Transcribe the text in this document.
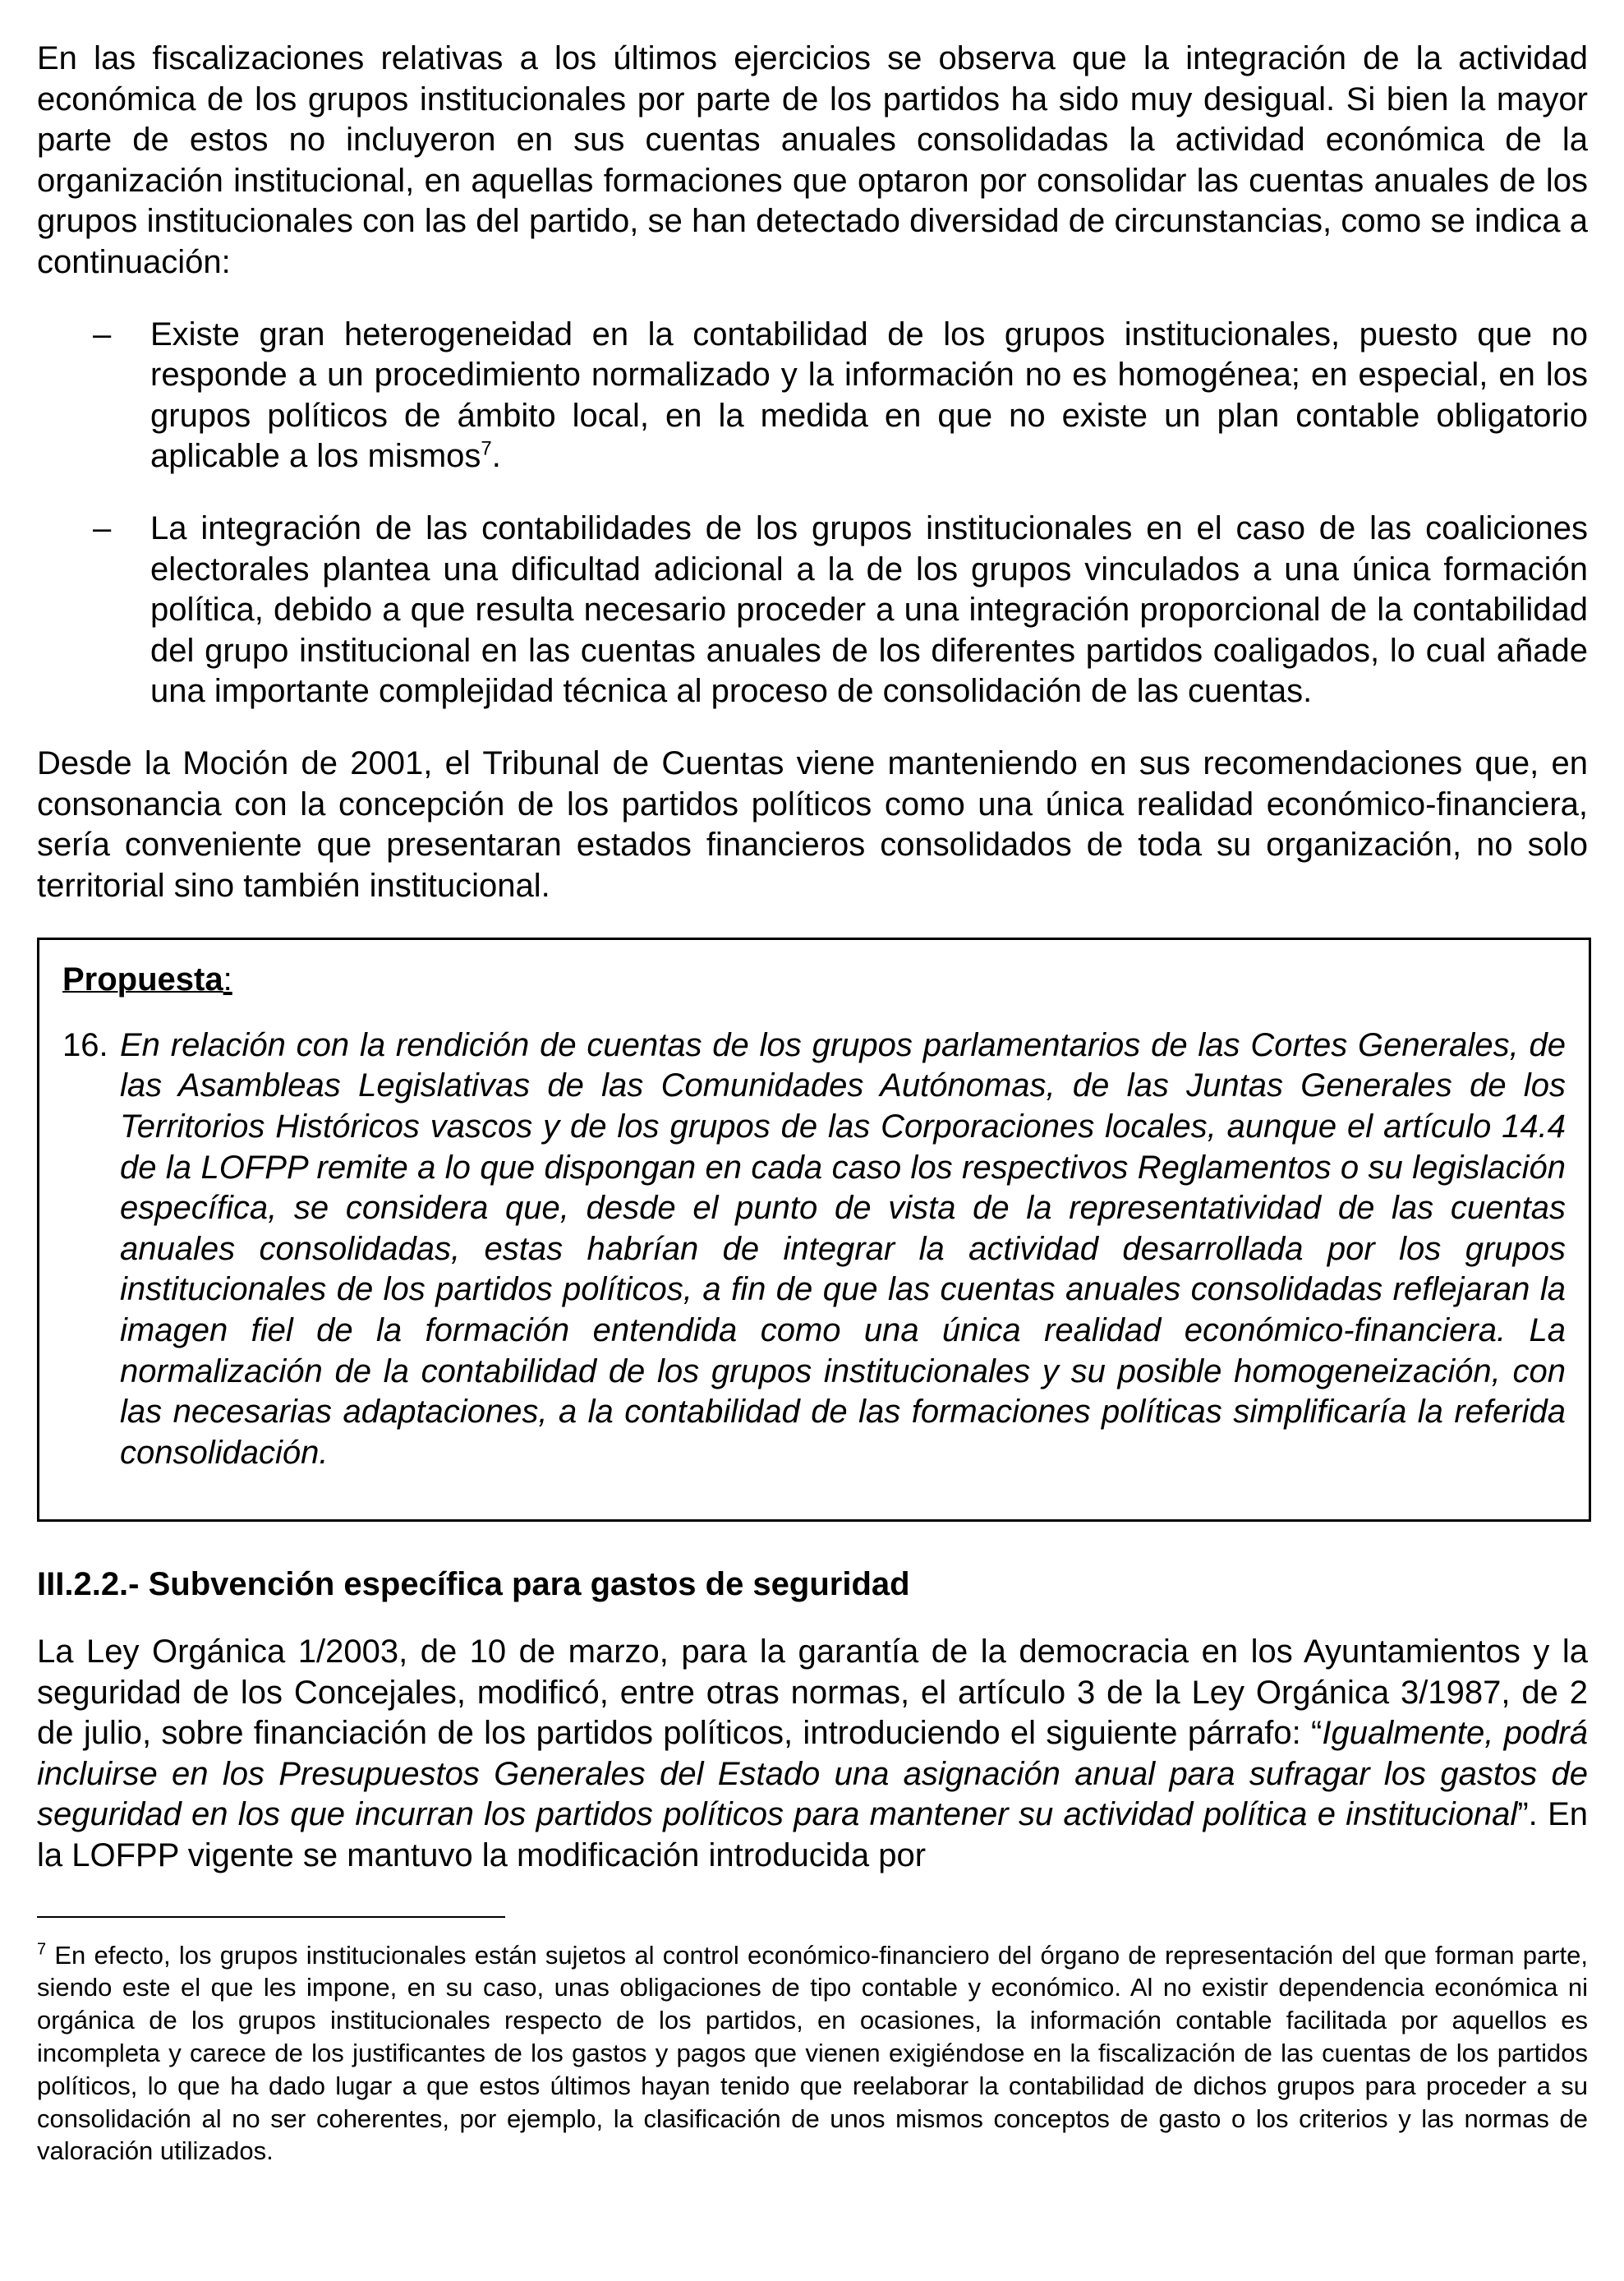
En las fiscalizaciones relativas a los últimos ejercicios se observa que la integración de la actividad económica de los grupos institucionales por parte de los partidos ha sido muy desigual. Si bien la mayor parte de estos no incluyeron en sus cuentas anuales consolidadas la actividad económica de la organización institucional, en aquellas formaciones que optaron por consolidar las cuentas anuales de los grupos institucionales con las del partido, se han detectado diversidad de circunstancias, como se indica a continuación:

– Existe gran heterogeneidad en la contabilidad de los grupos institucionales, puesto que no responde a un procedimiento normalizado y la información no es homogénea; en especial, en los grupos políticos de ámbito local, en la medida en que no existe un plan contable obligatorio aplicable a los mismos$^7$.
– La integración de las contabilidades de los grupos institucionales en el caso de las coaliciones electorales plantea una dificultad adicional a la de los grupos vinculados a una única formación política, debido a que resulta necesario proceder a una integración proporcional de la contabilidad del grupo institucional en las cuentas anuales de los diferentes partidos coaligados, lo cual añade una importante complejidad técnica al proceso de consolidación de las cuentas.

Desde la Moción de 2001, el Tribunal de Cuentas viene manteniendo en sus recomendaciones que, en consonancia con la concepción de los partidos políticos como una única realidad económico-financiera, sería conveniente que presentaran estados financieros consolidados de toda su organización, no solo territorial sino también institucional.

Propuesta:

16. En relación con la rendición de cuentas de los grupos parlamentarios de las Cortes Generales, de las Asambleas Legislativas de las Comunidades Autónomas, de las Juntas Generales de los Territorios Históricos vascos y de los grupos de las Corporaciones locales, aunque el artículo 14.4 de la LOFPP remite a lo que dispongan en cada caso los respectivos Reglamentos o su legislación específica, se considera que, desde el punto de vista de la representatividad de las cuentas anuales consolidadas, estas habrían de integrar la actividad desarrollada por los grupos institucionales de los partidos políticos, a fin de que las cuentas anuales consolidadas reflejaran la imagen fiel de la formación entendida como una única realidad económico-financiera. La normalización de la contabilidad de los grupos institucionales y su posible homogeneización, con las necesarias adaptaciones, a la contabilidad de las formaciones políticas simplificaría la referida consolidación.

III.2.2.- Subvención específica para gastos de seguridad

La Ley Orgánica 1/2003, de 10 de marzo, para la garantía de la democracia en los Ayuntamientos y la seguridad de los Concejales, modificó, entre otras normas, el artículo 3 de la Ley Orgánica 3/1987, de 2 de julio, sobre financiación de los partidos políticos, introduciendo el siguiente párrafo: “Igualmente, podrá incluirse en los Presupuestos Generales del Estado una asignación anual para sufragar los gastos de seguridad en los que incurran los partidos políticos para mantener su actividad política e institucional”. En la LOFPP vigente se mantuvo la modificación introducida por

$^7$ En efecto, los grupos institucionales están sujetos al control económico-financiero del órgano de representación del que forman parte, siendo este el que les impone, en su caso, unas obligaciones de tipo contable y económico. Al no existir dependencia económica ni orgánica de los grupos institucionales respecto de los partidos, en ocasiones, la información contable facilitada por aquellos es incompleta y carece de los justificantes de los gastos y pagos que vienen exigiéndose en la fiscalización de las cuentas de los partidos políticos, lo que ha dado lugar a que estos últimos hayan tenido que reelaborar la contabilidad de dichos grupos para proceder a su consolidación al no ser coherentes, por ejemplo, la clasificación de unos mismos conceptos de gasto o los criterios y las normas de valoración utilizados.
